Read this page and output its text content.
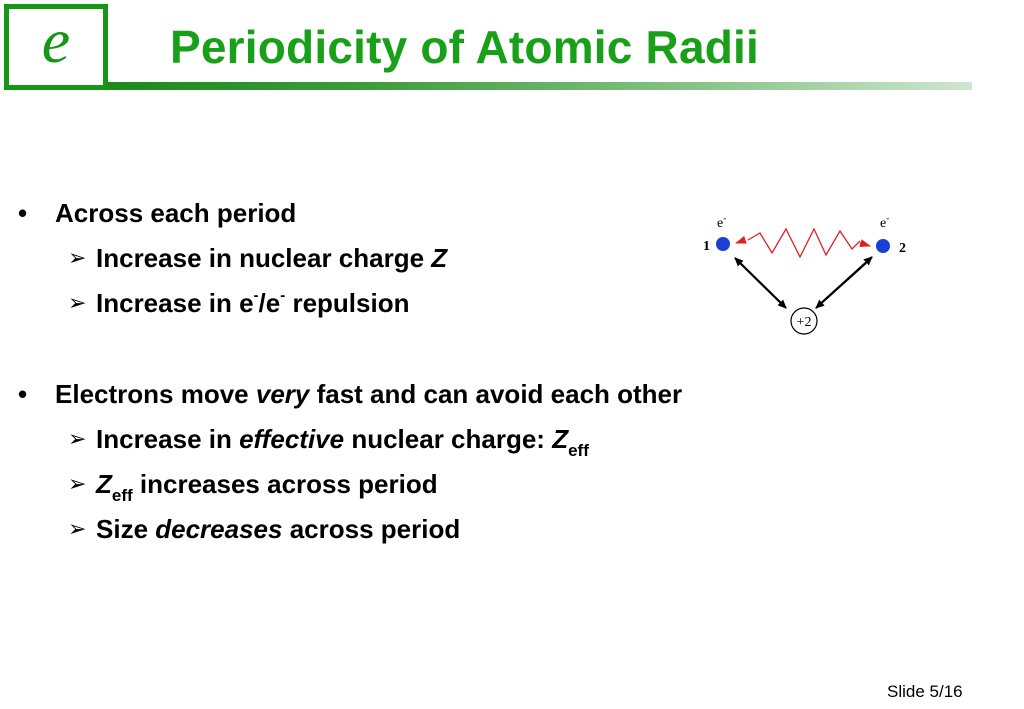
e	Periodicity of Atomic Radii
• Across each period
➢ Increase in nuclear charge Z
➢ Increase in e-/e- repulsion
• Electrons move very fast and can avoid each other
➢ Increase in effective nuclear charge: $Z_{eff}$
➢ $Z_{eff}$ increases across period
➢ Size decreases across period
e-	e-
1	2
+2
Slide 5/16
